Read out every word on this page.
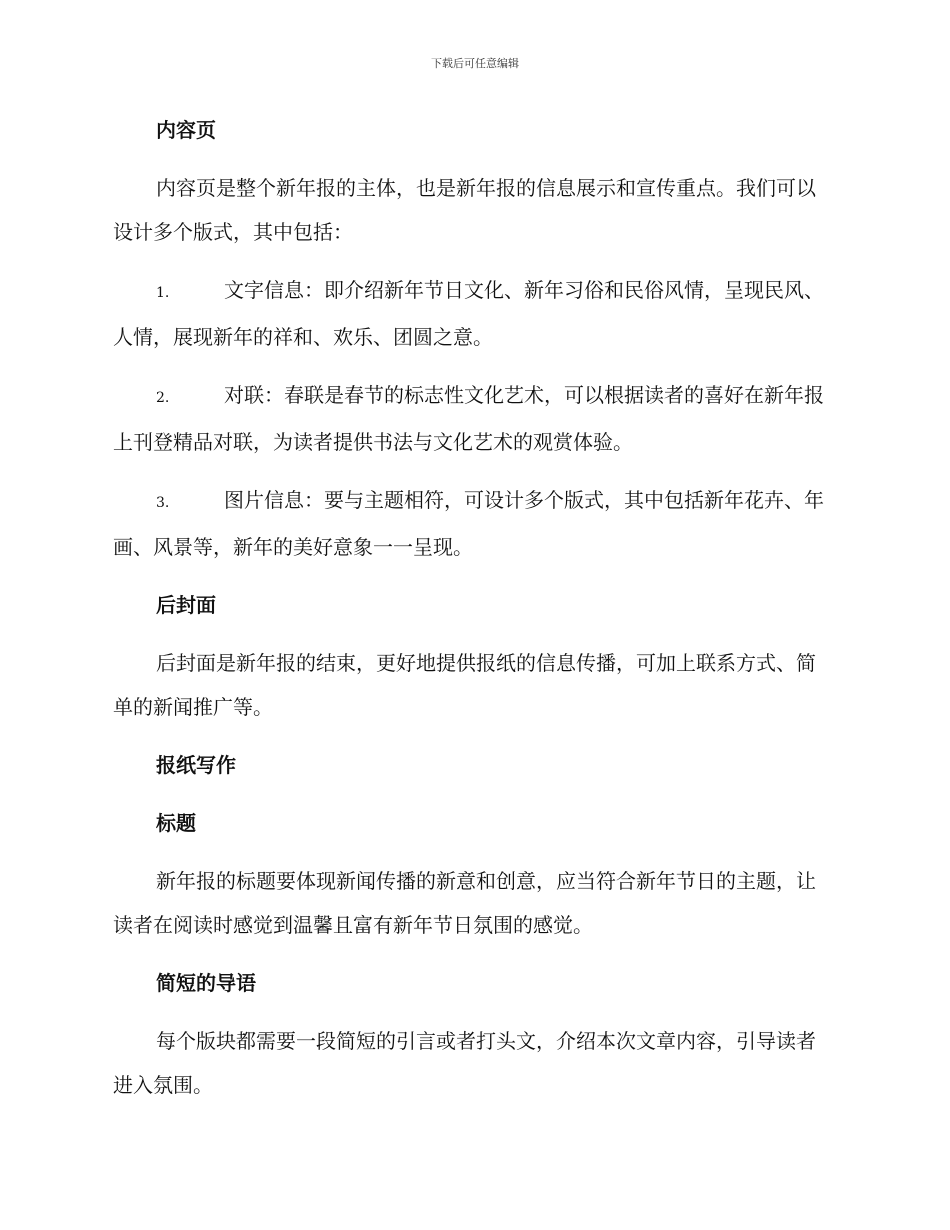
下载后可任意编辑
内容页

内容页是整个新年报的主体，也是新年报的信息展示和宣传重点。我们可以设计多个版式，其中包括：

1.	文字信息：即介绍新年节日文化、新年习俗和民俗风情，呈现民风、人情，展现新年的祥和、欢乐、团圆之意。

2.	对联：春联是春节的标志性文化艺术，可以根据读者的喜好在新年报上刊登精品对联，为读者提供书法与文化艺术的观赏体验。

3.	图片信息：要与主题相符，可设计多个版式，其中包括新年花卉、年画、风景等，新年的美好意象一一呈现。

后封面

后封面是新年报的结束，更好地提供报纸的信息传播，可加上联系方式、简单的新闻推广等。

报纸写作
标题

新年报的标题要体现新闻传播的新意和创意，应当符合新年节日的主题，让读者在阅读时感觉到温馨且富有新年节日氛围的感觉。

简短的导语

每个版块都需要一段简短的引言或者打头文，介绍本次文章内容，引导读者进入氛围。
